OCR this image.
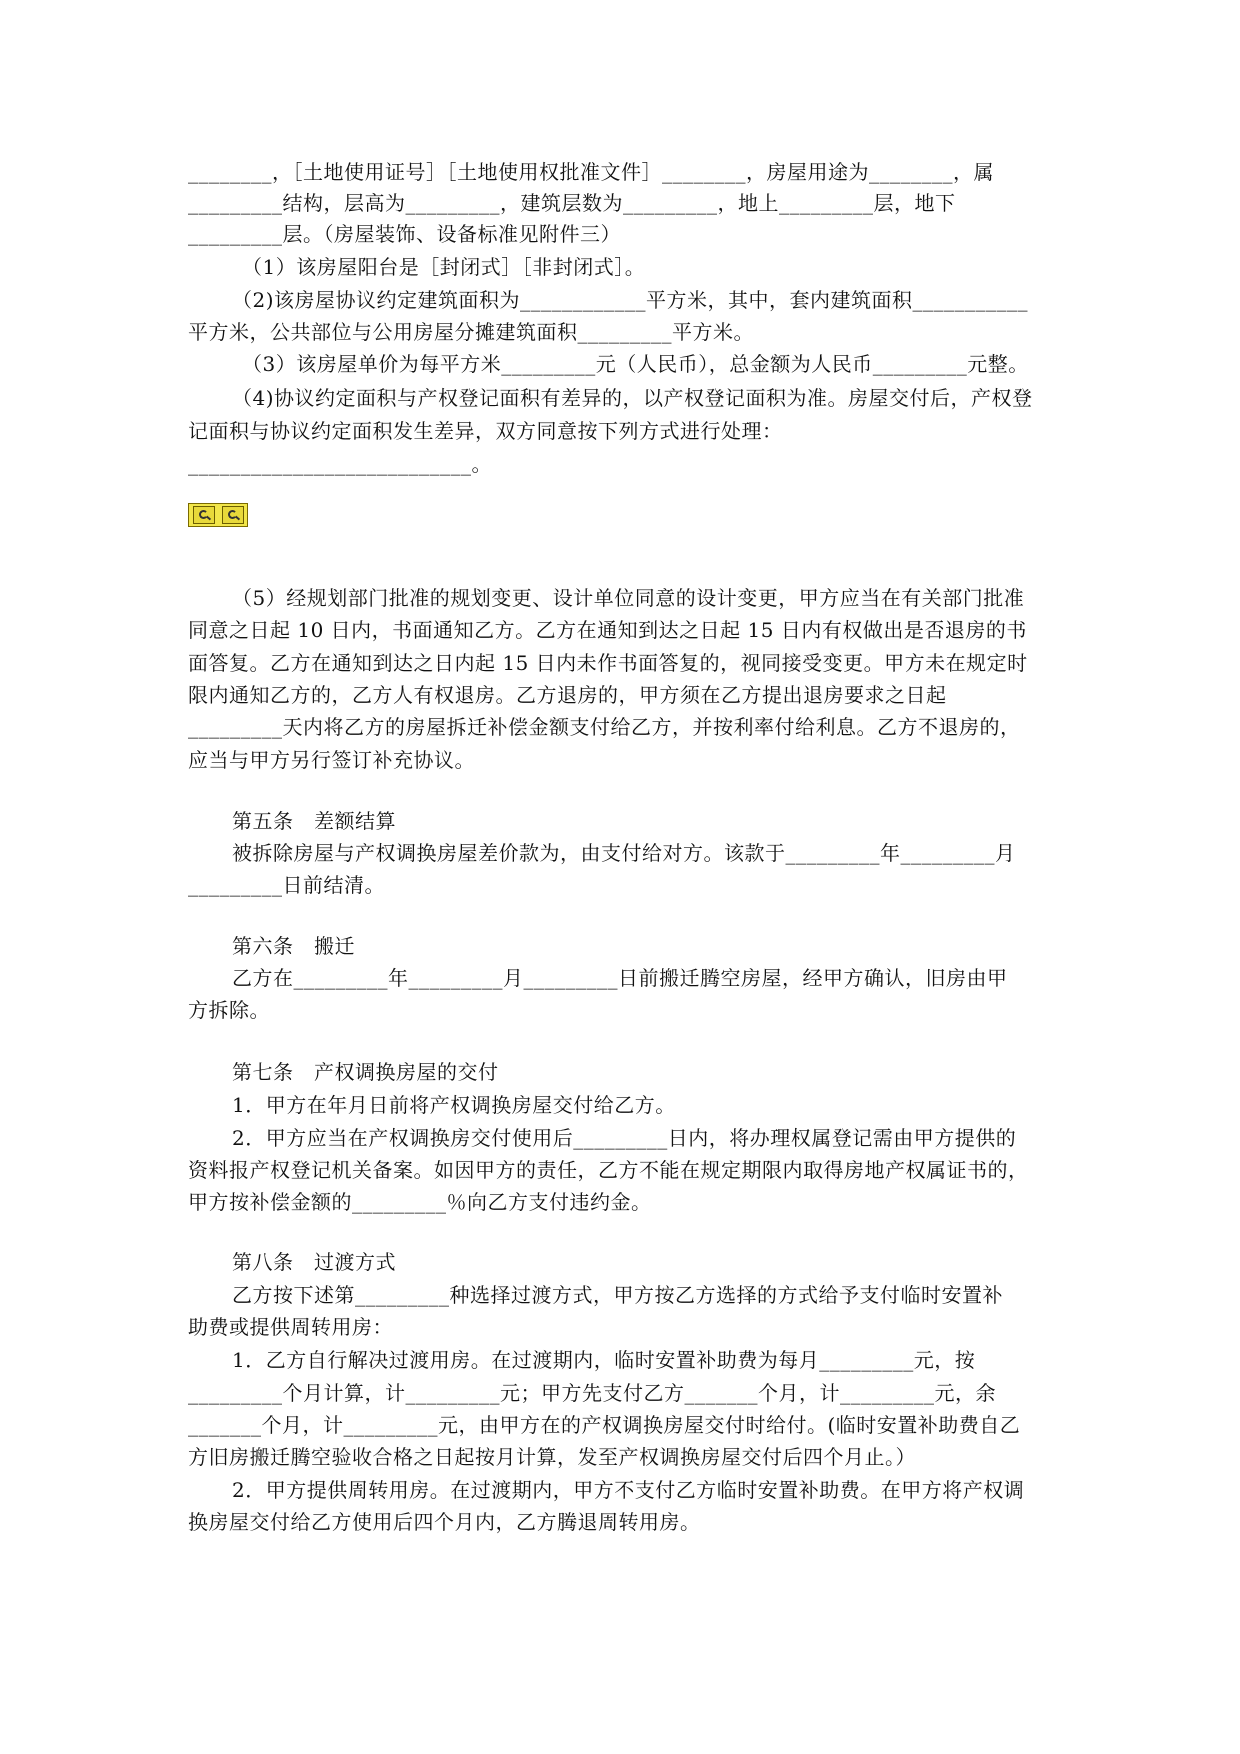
________，［土地使用证号］［土地使用权批准文件］________，房屋用途为________，属
_________结构，层高为_________，建筑层数为_________，地上_________层，地下
_________层。（房屋装饰、设备标准见附件三）
（1）该房屋阳台是［封闭式］［非封闭式］。
（2)该房屋协议约定建筑面积为____________平方米，其中，套内建筑面积___________
平方米，公共部位与公用房屋分摊建筑面积_________平方米。
（3）该房屋单价为每平方米_________元（人民币），总金额为人民币_________元整。
（4)协议约定面积与产权登记面积有差异的，以产权登记面积为准。房屋交付后，产权登
记面积与协议约定面积发生差异，双方同意按下列方式进行处理：
___________________________。
（5）经规划部门批准的规划变更、设计单位同意的设计变更，甲方应当在有关部门批准
同意之日起 10 日内，书面通知乙方。乙方在通知到达之日起 15 日内有权做出是否退房的书
面答复。乙方在通知到达之日内起 15 日内未作书面答复的，视同接受变更。甲方未在规定时
限内通知乙方的，乙方人有权退房。乙方退房的，甲方须在乙方提出退房要求之日起
_________天内将乙方的房屋拆迁补偿金额支付给乙方，并按利率付给利息。乙方不退房的，
应当与甲方另行签订补充协议。
第五条　差额结算
被拆除房屋与产权调换房屋差价款为，由支付给对方。该款于_________年_________月
_________日前结清。
第六条　搬迁
乙方在_________年_________月_________日前搬迁腾空房屋，经甲方确认，旧房由甲
方拆除。
第七条　产权调换房屋的交付
1．甲方在年月日前将产权调换房屋交付给乙方。
2．甲方应当在产权调换房交付使用后_________日内，将办理权属登记需由甲方提供的
资料报产权登记机关备案。如因甲方的责任，乙方不能在规定期限内取得房地产权属证书的，
甲方按补偿金额的_________％向乙方支付违约金。
第八条　过渡方式
乙方按下述第_________种选择过渡方式，甲方按乙方选择的方式给予支付临时安置补
助费或提供周转用房：
1．乙方自行解决过渡用房。在过渡期内，临时安置补助费为每月_________元，按
_________个月计算，计_________元；甲方先支付乙方_______个月，计_________元，余
_______个月，计_________元，由甲方在的产权调换房屋交付时给付。(临时安置补助费自乙
方旧房搬迁腾空验收合格之日起按月计算，发至产权调换房屋交付后四个月止。）
2．甲方提供周转用房。在过渡期内，甲方不支付乙方临时安置补助费。在甲方将产权调
换房屋交付给乙方使用后四个月内，乙方腾退周转用房。
